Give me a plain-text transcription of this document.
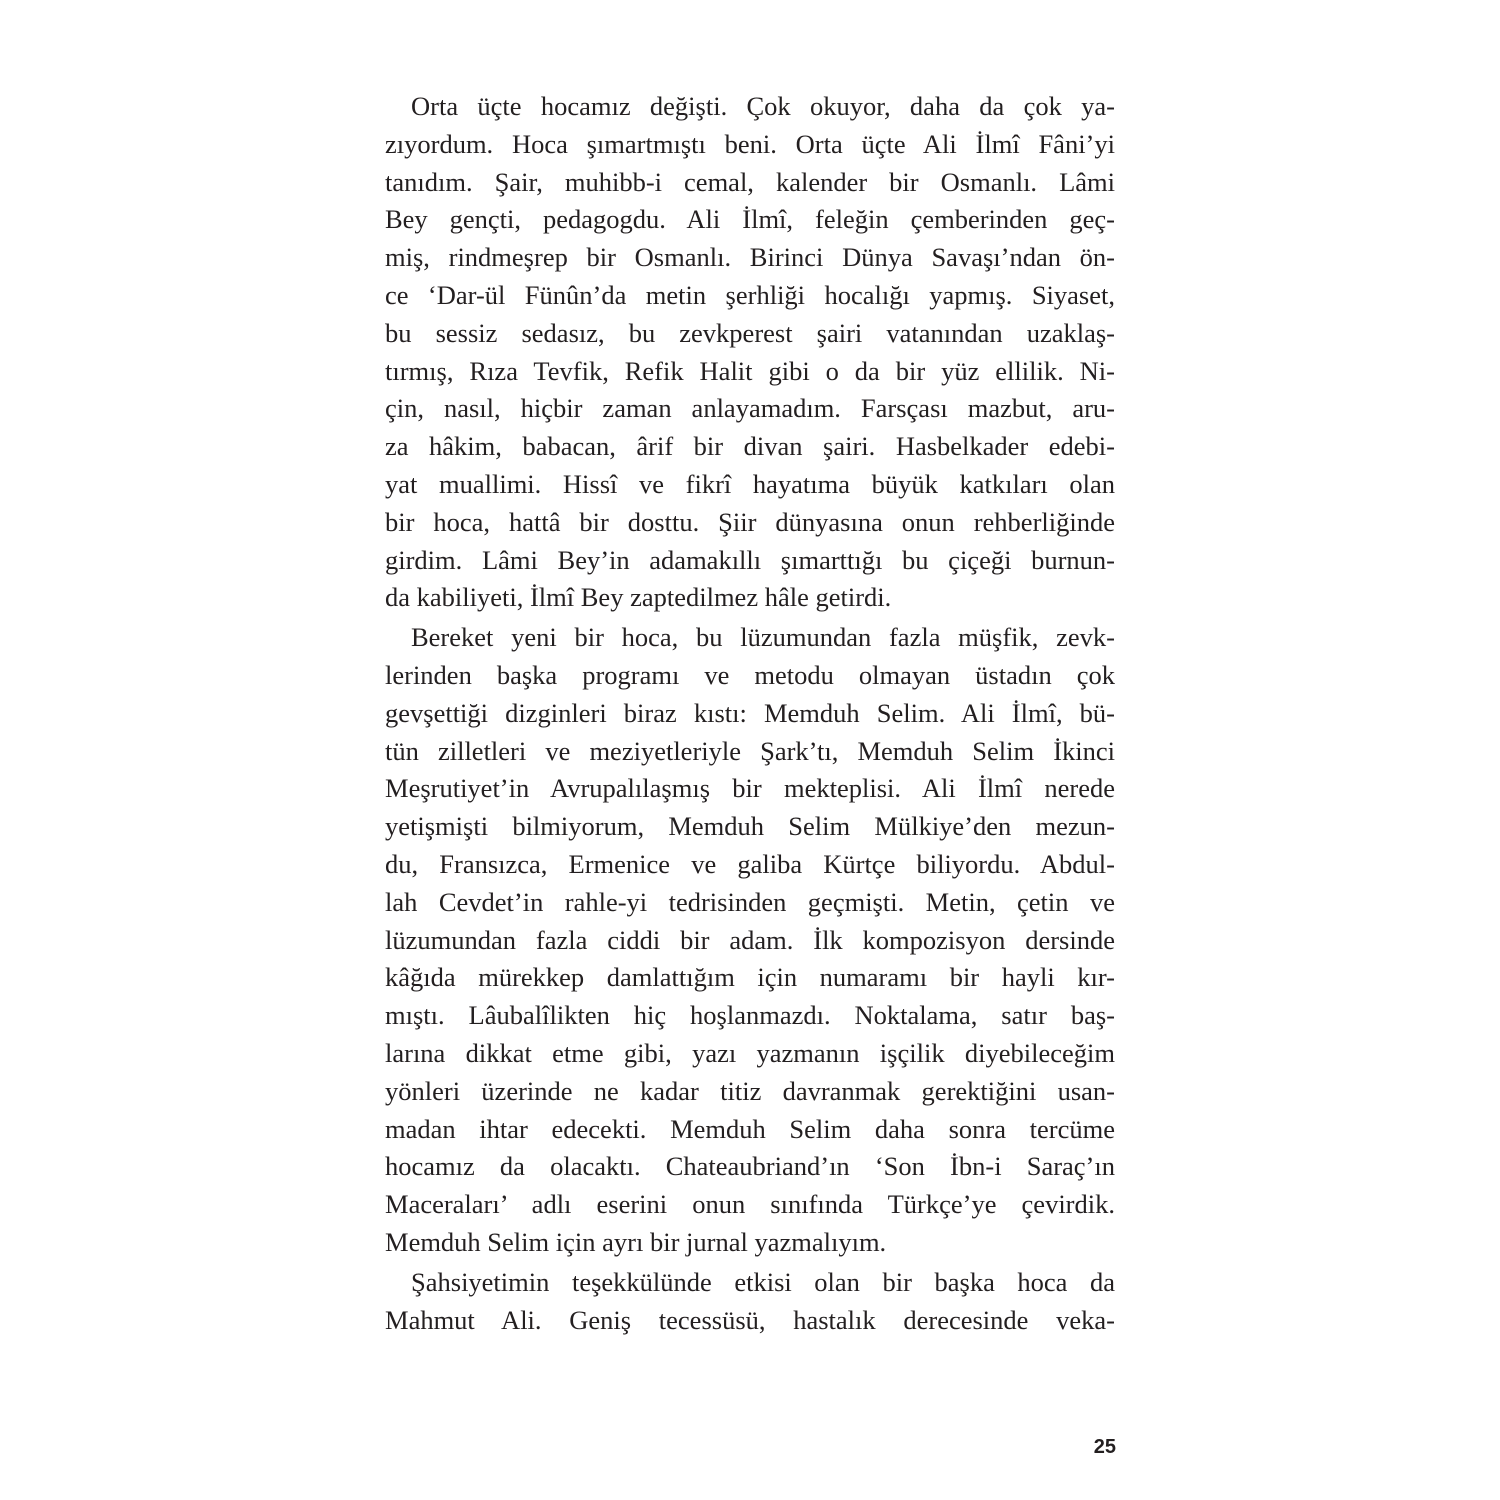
Orta üçte hocamız değişti. Çok okuyor, daha da çok ya-
zıyordum. Hoca şımartmıştı beni. Orta üçte Ali İlmî Fâni’yi
tanıdım. Şair, muhibb-i cemal, kalender bir Osmanlı. Lâmi
Bey gençti, pedagogdu. Ali İlmî, feleğin çemberinden geç-
miş, rindmeşrep bir Osmanlı. Birinci Dünya Savaşı’ndan ön-
ce ‘Dar-ül Fünûn’da metin şerhliği hocalığı yapmış. Siyaset,
bu sessiz sedasız, bu zevkperest şairi vatanından uzaklaş-
tırmış, Rıza Tevfik, Refik Halit gibi o da bir yüz ellilik. Ni-
çin, nasıl, hiçbir zaman anlayamadım. Farsçası mazbut, aru-
za hâkim, babacan, ârif bir divan şairi. Hasbelkader edebi-
yat muallimi. Hissî ve fikrî hayatıma büyük katkıları olan
bir hoca, hattâ bir dosttu. Şiir dünyasına onun rehberliğinde
girdim. Lâmi Bey’in adamakıllı şımarttığı bu çiçeği burnun-
da kabiliyeti, İlmî Bey zaptedilmez hâle getirdi.
Bereket yeni bir hoca, bu lüzumundan fazla müşfik, zevk-
lerinden başka programı ve metodu olmayan üstadın çok
gevşettiği dizginleri biraz kıstı: Memduh Selim. Ali İlmî, bü-
tün zilletleri ve meziyetleriyle Şark’tı, Memduh Selim İkinci
Meşrutiyet’in Avrupalılaşmış bir mekteplisi. Ali İlmî nerede
yetişmişti bilmiyorum, Memduh Selim Mülkiye’den mezun-
du, Fransızca, Ermenice ve galiba Kürtçe biliyordu. Abdul-
lah Cevdet’in rahle-yi tedrisinden geçmişti. Metin, çetin ve
lüzumundan fazla ciddi bir adam. İlk kompozisyon dersinde
kâğıda mürekkep damlattığım için numaramı bir hayli kır-
mıştı. Lâubalîlikten hiç hoşlanmazdı. Noktalama, satır baş-
larına dikkat etme gibi, yazı yazmanın işçilik diyebileceğim
yönleri üzerinde ne kadar titiz davranmak gerektiğini usan-
madan ihtar edecekti. Memduh Selim daha sonra tercüme
hocamız da olacaktı. Chateaubriand’ın ‘Son İbn-i Saraç’ın
Maceraları’ adlı eserini onun sınıfında Türkçe’ye çevirdik.
Memduh Selim için ayrı bir jurnal yazmalıyım.
Şahsiyetimin teşekkülünde etkisi olan bir başka hoca da
Mahmut Ali. Geniş tecessüsü, hastalık derecesinde veka-
25
